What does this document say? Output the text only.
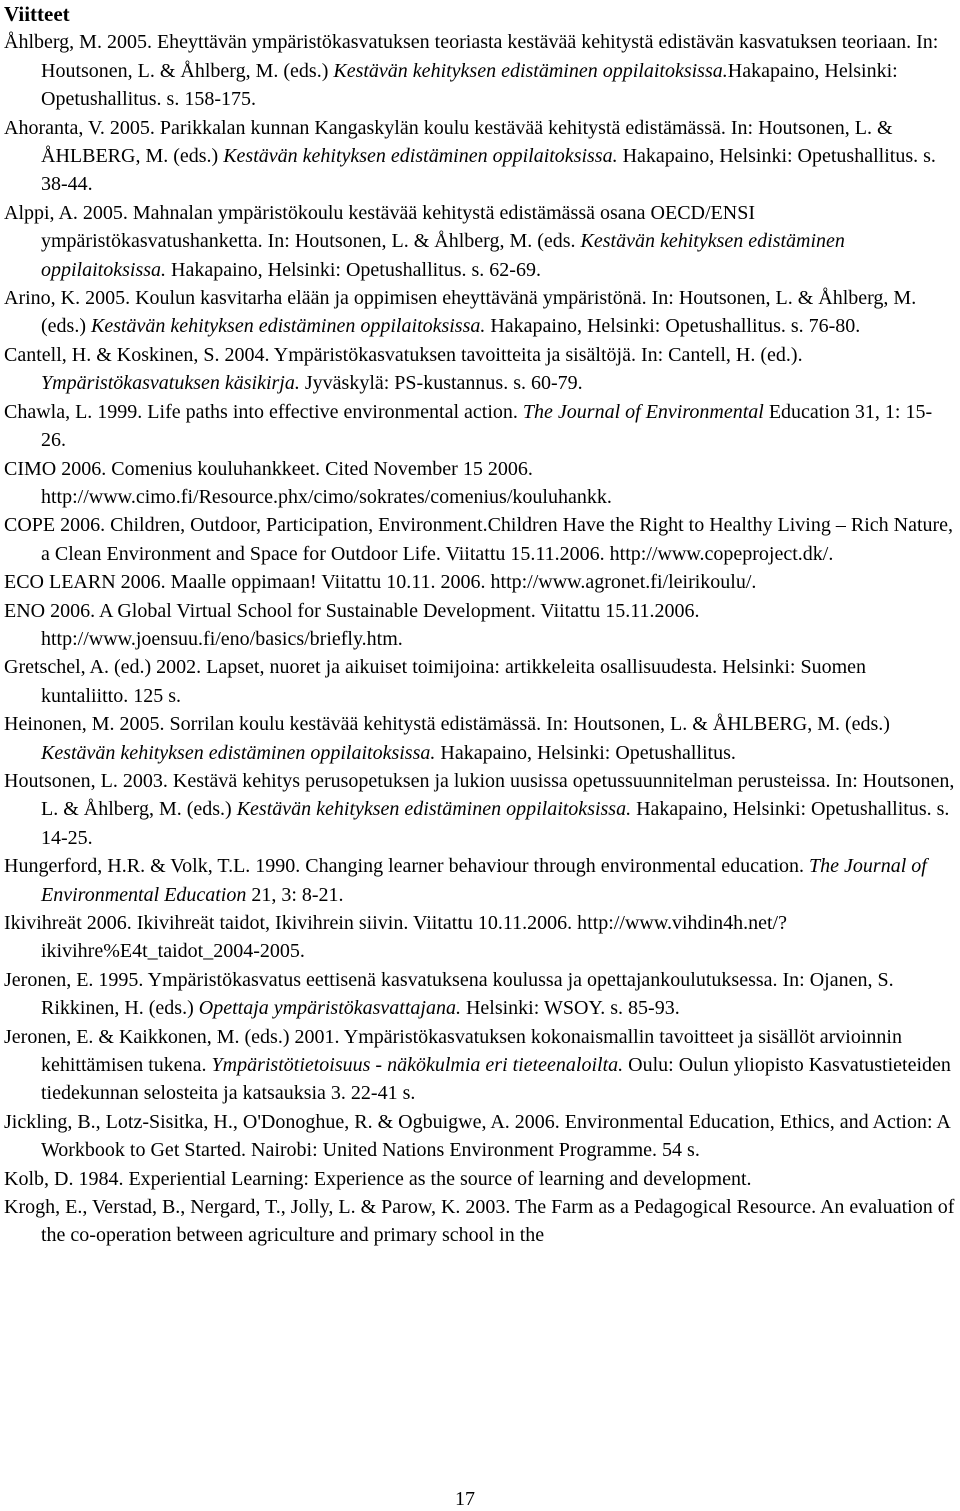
Viitteet
Åhlberg, M. 2005. Eheyttävän ympäristökasvatuksen teoriasta kestävää kehitystä edistävän kasvatuksen teoriaan. In: Houtsonen, L. & Åhlberg, M. (eds.) Kestävän kehityksen edistäminen oppilaitoksissa.Hakapaino, Helsinki: Opetushallitus. s. 158-175.
Ahoranta, V. 2005. Parikkalan kunnan Kangaskylän koulu kestävää kehitystä edistämässä. In: Houtsonen, L. & ÅHLBERG, M. (eds.) Kestävän kehityksen edistäminen oppilaitoksissa. Hakapaino, Helsinki: Opetushallitus. s. 38-44.
Alppi, A. 2005. Mahnalan ympäristökoulu kestävää kehitystä edistämässä osana OECD/ENSI ympäristökasvatushanketta. In: Houtsonen, L. & Åhlberg, M. (eds. Kestävän kehityksen edistäminen oppilaitoksissa. Hakapaino, Helsinki: Opetushallitus. s. 62-69.
Arino, K. 2005. Koulun kasvitarha elään ja oppimisen eheyttävänä ympäristönä. In: Houtsonen, L. & Åhlberg, M. (eds.) Kestävän kehityksen edistäminen oppilaitoksissa. Hakapaino, Helsinki: Opetushallitus. s. 76-80.
Cantell, H. & Koskinen, S. 2004. Ympäristökasvatuksen tavoitteita ja sisältöjä. In: Cantell, H. (ed.). Ympäristökasvatuksen käsikirja. Jyväskylä: PS-kustannus. s. 60-79.
Chawla, L. 1999. Life paths into effective environmental action. The Journal of Environmental Education 31, 1: 15-26.
CIMO 2006. Comenius kouluhankkeet. Cited November 15 2006. http://www.cimo.fi/Resource.phx/cimo/sokrates/comenius/kouluhankk.
COPE 2006. Children, Outdoor, Participation, Environment.Children Have the Right to Healthy Living – Rich Nature, a Clean Environment and Space for Outdoor Life. Viitattu 15.11.2006. http://www.copeproject.dk/.
ECO LEARN 2006. Maalle oppimaan! Viitattu 10.11. 2006. http://www.agronet.fi/leirikoulu/.
ENO 2006. A Global Virtual School for Sustainable Development. Viitattu 15.11.2006. http://www.joensuu.fi/eno/basics/briefly.htm.
Gretschel, A. (ed.) 2002. Lapset, nuoret ja aikuiset toimijoina: artikkeleita osallisuudesta. Helsinki: Suomen kuntaliitto. 125 s.
Heinonen, M. 2005. Sorrilan koulu kestävää kehitystä edistämässä. In: Houtsonen, L. & ÅHLBERG, M. (eds.) Kestävän kehityksen edistäminen oppilaitoksissa. Hakapaino, Helsinki: Opetushallitus.
Houtsonen, L. 2003. Kestävä kehitys perusopetuksen ja lukion uusissa opetussuunnitelman perusteissa. In: Houtsonen, L. & Åhlberg, M. (eds.) Kestävän kehityksen edistäminen oppilaitoksissa. Hakapaino, Helsinki: Opetushallitus. s. 14-25.
Hungerford, H.R. & Volk, T.L. 1990. Changing learner behaviour through environmental education. The Journal of Environmental Education 21, 3: 8-21.
Ikivihreät 2006. Ikivihreät taidot, Ikivihrein siivin. Viitattu 10.11.2006. http://www.vihdin4h.net/?ikivihre%E4t_taidot_2004-2005.
Jeronen, E. 1995. Ympäristökasvatus eettisenä kasvatuksena koulussa ja opettajankoulutuksessa. In: Ojanen, S. Rikkinen, H. (eds.) Opettaja ympäristökasvattajana. Helsinki: WSOY. s. 85-93.
Jeronen, E. & Kaikkonen, M. (eds.) 2001. Ympäristökasvatuksen kokonaismallin tavoitteet ja sisällöt arvioinnin kehittämisen tukena. Ympäristötietoisuus - näkökulmia eri tieteenaloilta. Oulu: Oulun yliopisto Kasvatustieteiden tiedekunnan selosteita ja katsauksia 3. 22-41 s.
Jickling, B., Lotz-Sisitka, H., O'Donoghue, R. & Ogbuigwe, A. 2006. Environmental Education, Ethics, and Action: A Workbook to Get Started. Nairobi: United Nations Environment Programme. 54 s.
Kolb, D. 1984. Experiential Learning: Experience as the source of learning and development.
Krogh, E., Verstad, B., Nergard, T., Jolly, L. & Parow, K. 2003. The Farm as a Pedagogical Resource. An evaluation of the co-operation between agriculture and primary school in the
17
